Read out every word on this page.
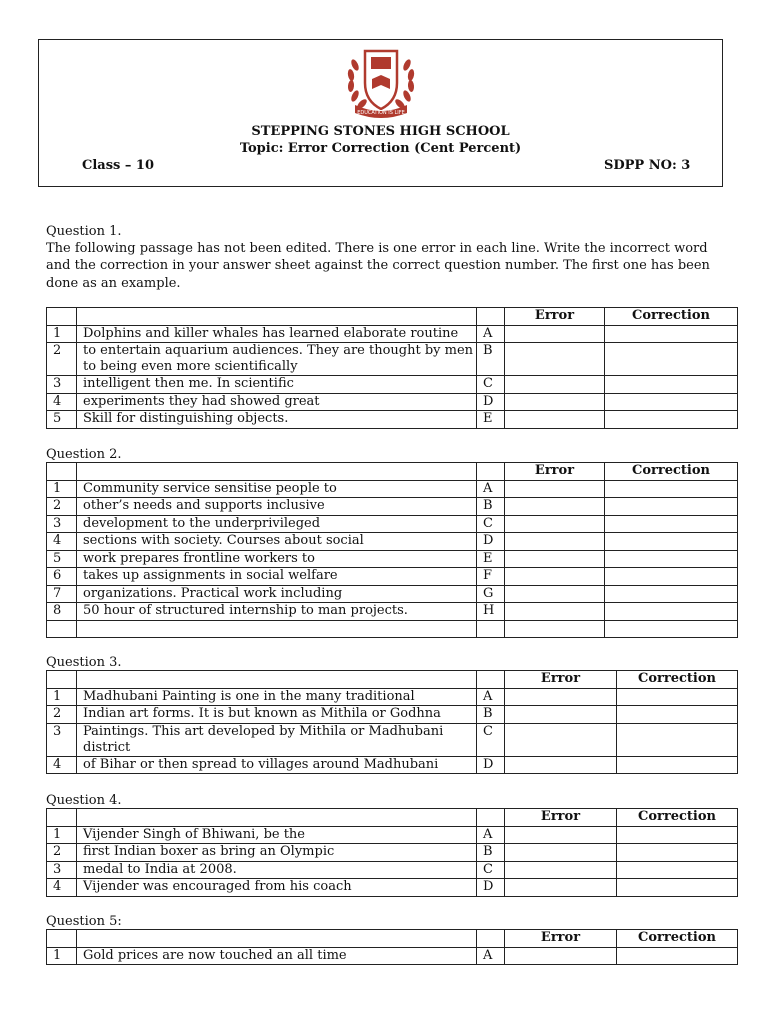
EDUCATION IS LIFE
STEPPING STONES HIGH SCHOOL
Topic: Error Correction (Cent Percent)
Class – 10	SDPP NO: 3
Question 1.
The following passage has not been edited. There is one error in each line. Write the incorrect word and the correction in your answer sheet against the correct question number. The first one has been done as an example.
			Error	Correction
1	Dolphins and killer whales has learned elaborate routine	A		
2	to entertain aquarium audiences. They are thought by men to being even more scientifically	B		
3	intelligent then me. In scientific	C		
4	experiments they had showed great	D		
5	Skill for distinguishing objects.	E		
Question 2.
			Error	Correction
1	Community service sensitise people to	A		
2	other’s needs and supports inclusive	B		
3	development to the underprivileged	C		
4	sections with society. Courses about social	D		
5	work prepares frontline workers to	E		
6	takes up assignments in social welfare	F		
7	organizations. Practical work including	G		
8	50 hour of structured internship to man projects.	H		

Question 3.
			Error	Correction
1	Madhubani Painting is one in the many traditional	A		
2	Indian art forms. It is but known as Mithila or Godhna	B		
3	Paintings. This art developed by Mithila or Madhubani district	C		
4	of Bihar or then spread to villages around Madhubani	D		
Question 4.
			Error	Correction
1	Vijender Singh of Bhiwani, be the	A		
2	first Indian boxer as bring an Olympic	B		
3	medal to India at 2008.	C		
4	Vijender was encouraged from his coach	D		
Question 5:
			Error	Correction
1	Gold prices are now touched an all time	A		
